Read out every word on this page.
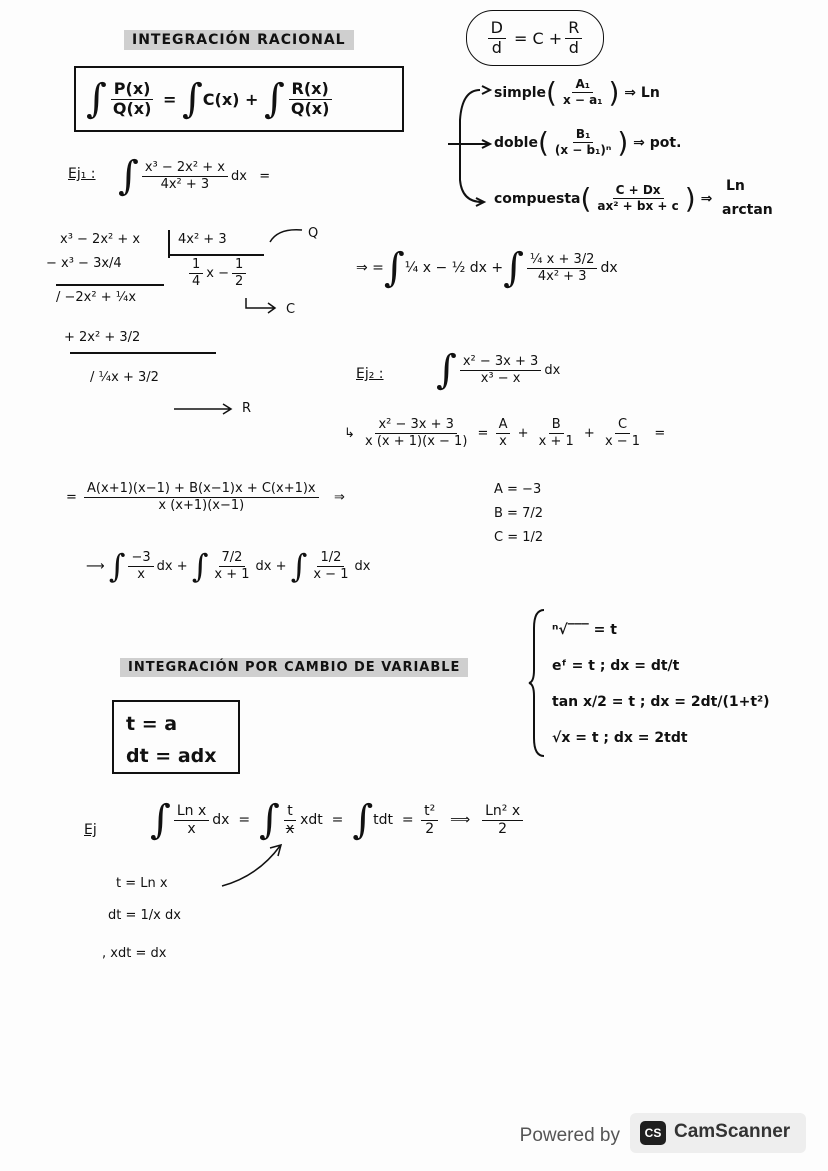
INTEGRACIÓN RACIONAL	$\frac{D}{d} = C + \frac{R}{d}$
∫ $\frac{P(x)}{Q(x)}$ = ∫ C(x) + ∫ $\frac{R(x)}{Q(x)}$	simple ( $\frac{\text{A₁}}{\text{x − a₁}}$ ) ⇒ Ln
doble ( $\frac{\text{B₁}}{\text{(x − b₁)ⁿ}}$ ) ⇒ pot.
compuesta ( $\frac{C + Dx}{\text{ax² + bx + c}}$ ) ⇒
Ln
arctan
Ej₁ : ∫ $\frac{\text{x³ − 2x² + x}}{\text{4x² + 3}}$ dx
=
x³ − 2x² + x	4x² + 3	Q
− x³ − 3x/4	$\frac{1}{4}$ $x - \frac{1}{2}$
/ −2x² + ¼x
C
+ 2x² + 3/2
/ ¼x + 3/2
R
⇒ = ∫ ¼ x − ½ dx + ∫ $\frac{\text{¼ x + 3/2}}{\text{4x² + 3}}$ dx
Ej₂ : ∫ $\frac{\text{x² − 3x + 3}}{\text{x³ − x}}$ dx
↳ $\frac{\text{x² − 3x + 3}}{x (x + 1)(x - 1)} = \frac{A}{x} + \frac{B}{x + 1} + \frac{C}{x - 1}$ =
= $\frac{A(x+1)(x-1) + B(x-1)x + C(x+1)x}{x (x+1)(x-1)}$
⇒
A = −3
B = 7/2
C = 1/2
⟶ ∫ $\frac{-3}{x}$ dx + ∫ $\frac{7/2}{x + 1}$ dx + ∫ $\frac{1/2}{x - 1}$ dx
INTEGRACIÓN POR CAMBIO DE VARIABLE
t = a
dt = adx
ⁿ√‾‾‾ = t
eᶠ = t ; dx = dt/t
tan x/2 = t ; dx = 2dt/(1+t²)
√x = t ; dx = 2tdt
Ej ∫ $\frac{\text{Ln x}}{x}$ dx  = ∫ $\frac{t}{x}$ xdt = ∫ tdt = $\frac{\text{t²}}{2}$ ⟹ $\frac{\text{Ln² x}}{2}$
t = Ln x
dt = 1/x dx
, xdt = dx
Powered by	CS CamScanner
